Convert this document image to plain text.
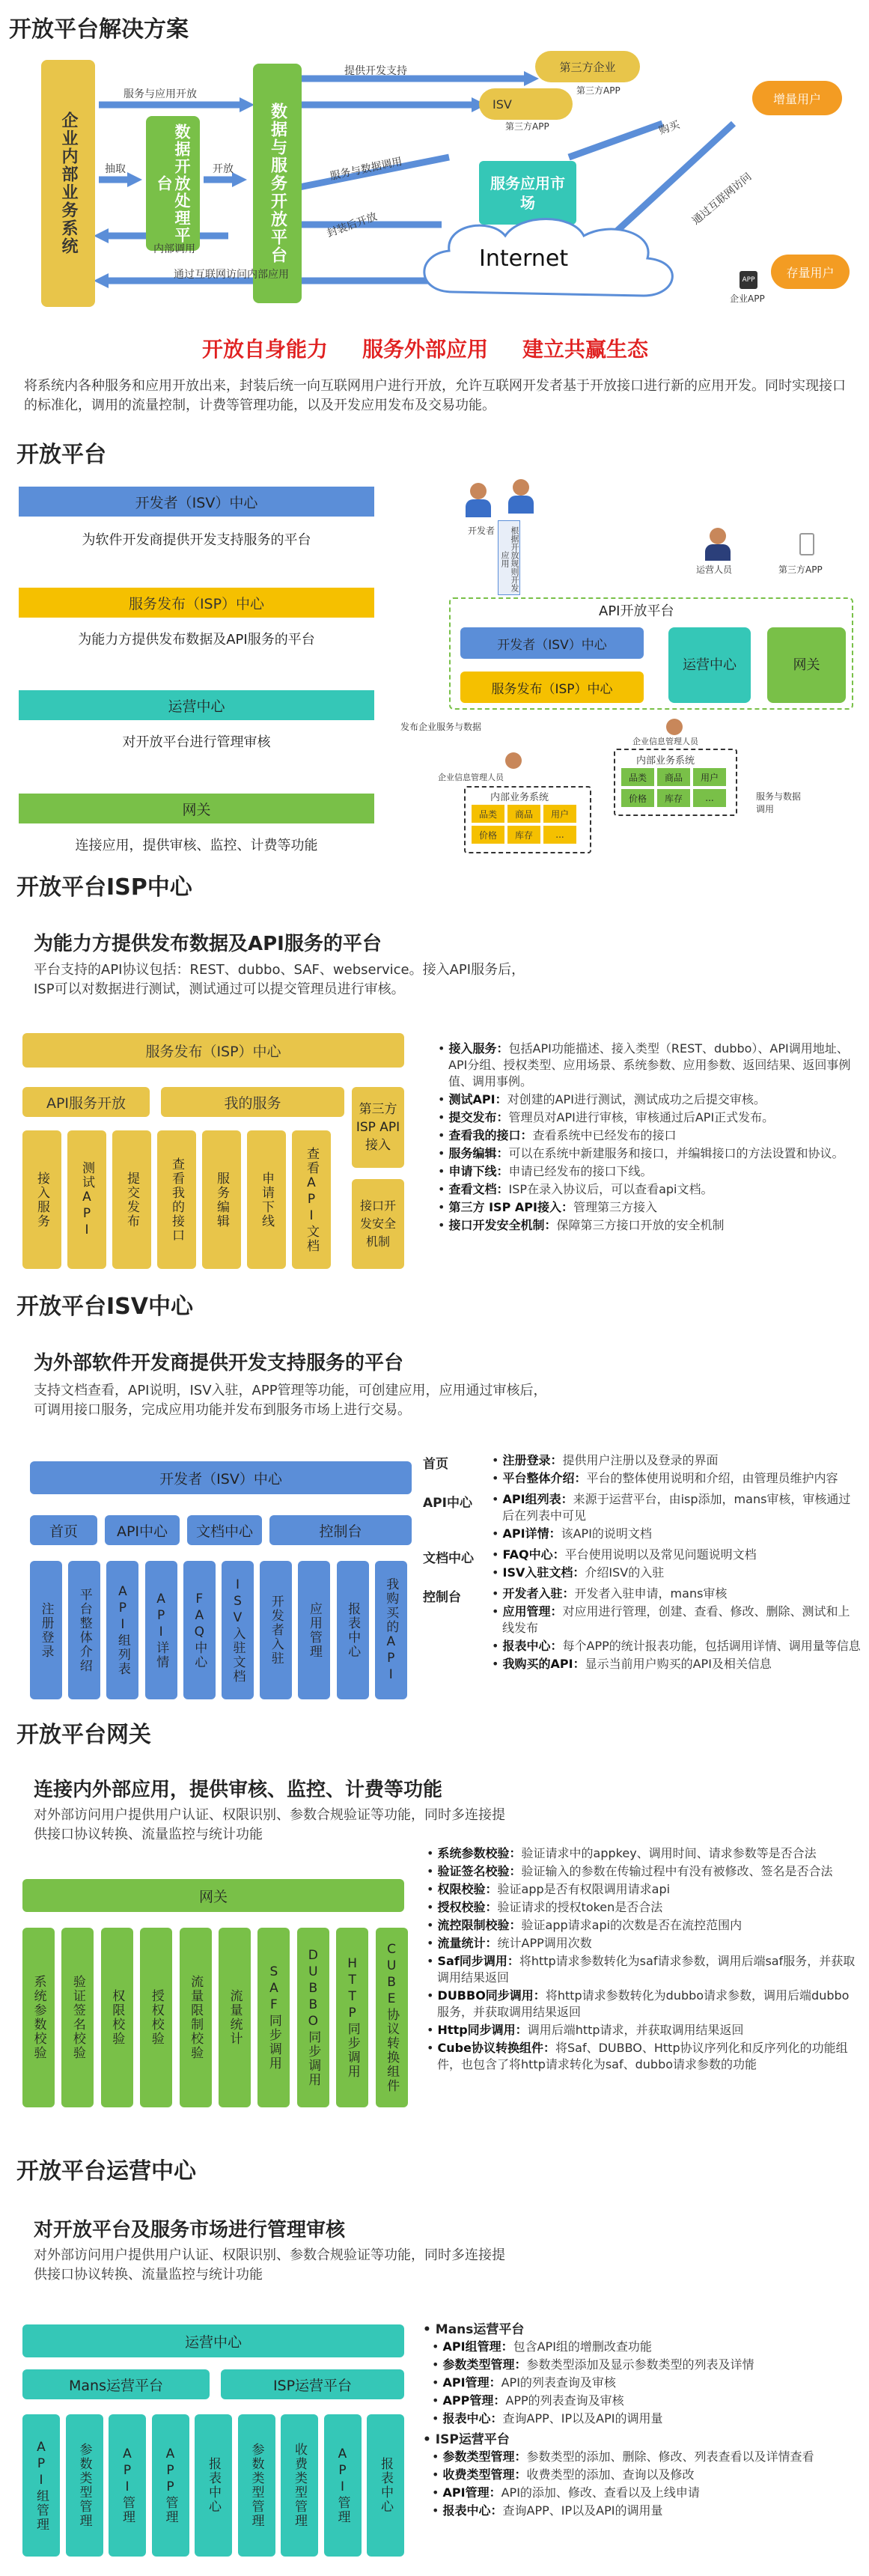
开放平台解决方案
企业内部业务系统	数据开放处理平台	数据与服务开放平台
服务与应用开放
抽取	开放
内部调用
通过互联网访问内部应用
提供开发支持
服务与数据调用
封装后开放
购买
通过互联网访问
第三方企业
第三方APP
ISV
第三方APP
增量用户
服务应用市场
Internet
存量用户
APP
企业APP
开放自身能力 服务外部应用 建立共赢生态
将系统内各种服务和应用开放出来，封装后统一向互联网用户进行开放，允许互联网开发者基于开放接口进行新的应用开发。同时实现接口的标准化，调用的流量控制，计费等管理功能，以及开发应用发布及交易功能。
开放平台
开发者（ISV）中心
为软件开发商提供开发支持服务的平台
服务发布（ISP）中心
为能力方提供发布数据及API服务的平台
运营中心
对开放平台进行管理审核
网关
连接应用，提供审核、监控、计费等功能
开发者	根据开放规则开发应用
运营人员	第三方APP
API开放平台
开发者（ISV）中心
服务发布（ISP）中心
运营中心	网关
发布企业服务与数据
企业信息管理人员
企业信息管理人员
内部业务系统
品类	商品	用户
价格	库存	...
内部业务系统
品类	商品	用户
价格	库存	...	服务与数据调用
开放平台ISP中心
为能力方提供发布数据及API服务的平台
平台支持的API协议包括：REST、dubbo、SAF、webservice。接入API服务后，ISP可以对数据进行测试，测试通过可以提交管理员进行审核。
服务发布（ISP）中心
API服务开放	我的服务	第三方ISP API接入
接入服务 测试API 提交发布 查看我的接口 服务编辑 申请下线 查看API文档	接口开发安全机制
• 接入服务：包括API功能描述、接入类型（REST、dubbo）、API调用地址、API分组、授权类型、应用场景、系统参数、应用参数、返回结果、返回事例值、调用事例。
• 测试API：对创建的API进行测试，测试成功之后提交审核。
• 提交发布：管理员对API进行审核，审核通过后API正式发布。
• 查看我的接口：查看系统中已经发布的接口
• 服务编辑：可以在系统中新建服务和接口，并编辑接口的方法设置和协议。
• 申请下线：申请已经发布的接口下线。
• 查看文档：ISP在录入协议后，可以查看api文档。
• 第三方 ISP API接入：管理第三方接入
• 接口开发安全机制：保障第三方接口开放的安全机制
开放平台ISV中心
为外部软件开发商提供开发支持服务的平台
支持文档查看，API说明，ISV入驻，APP管理等功能，可创建应用，应用通过审核后，可调用接口服务，完成应用功能并发布到服务市场上进行交易。
开发者（ISV）中心
首页	API中心	文档中心	控制台
注册登录 平台整体介绍 API组列表 API详情 FAQ中心 ISV入驻文档 开发者入驻 应用管理 报表中心 我购买的API
首页	• 注册登录：提供用户注册以及登录的界面
• 平台整体介绍：平台的整体使用说明和介绍，由管理员维护内容
API中心	• API组列表：来源于运营平台，由isp添加，mans审核，审核通过后在列表中可见
• API详情：该API的说明文档
文档中心	• FAQ中心：平台使用说明以及常见问题说明文档
• ISV入驻文档：介绍ISV的入驻
控制台	• 开发者入驻：开发者入驻申请，mans审核
• 应用管理：对应用进行管理，创建、查看、修改、删除、测试和上线发布
• 报表中心：每个APP的统计报表功能，包括调用详情、调用量等信息
• 我购买的API：显示当前用户购买的API及相关信息
开放平台网关
连接内外部应用，提供审核、监控、计费等功能
对外部访问用户提供用户认证、权限识别、参数合规验证等功能，同时多连接提供接口协议转换、流量监控与统计功能
网关
系统参数校验 验证签名校验 权限校验 授权校验 流量限制校验 流量统计 SAF同步调用 DUBBO同步调用 HTTP同步调用 CUBE协议转换组件
• 系统参数校验：验证请求中的appkey、调用时间、请求参数等是否合法
• 验证签名校验：验证输入的参数在传输过程中有没有被修改、签名是否合法
• 权限校验：验证app是否有权限调用请求api
• 授权校验：验证请求的授权token是否合法
• 流控限制校验：验证app请求api的次数是否在流控范围内
• 流量统计：统计APP调用次数
• Saf同步调用：将http请求参数转化为saf请求参数，调用后端saf服务，并获取调用结果返回
• DUBBO同步调用：将http请求参数转化为dubbo请求参数，调用后端dubbo服务，并获取调用结果返回
• Http同步调用：调用后端http请求，并获取调用结果返回
• Cube协议转换组件：将Saf、DUBBO、Http协议序列化和反序列化的功能组件，也包含了将http请求转化为saf、dubbo请求参数的功能
开放平台运营中心
对开放平台及服务市场进行管理审核
对外部访问用户提供用户认证、权限识别、参数合规验证等功能，同时多连接提供接口协议转换、流量监控与统计功能
运营中心
Mans运营平台	ISP运营平台
API组管理 参数类型管理 API管理 APP管理 报表中心 参数类型管理 收费类型管理 API管理 报表中心
• Mans运营平台
• API组管理：包含API组的增删改查功能
• 参数类型管理：参数类型添加及显示参数类型的列表及详情
• API管理：API的列表查询及审核
• APP管理：APP的列表查询及审核
• 报表中心：查询APP、IP以及API的调用量
• ISP运营平台
• 参数类型管理：参数类型的添加、删除、修改、列表查看以及详情查看
• 收费类型管理：收费类型的添加、查询以及修改
• API管理：API的添加、修改、查看以及上线申请
• 报表中心：查询APP、IP以及API的调用量
